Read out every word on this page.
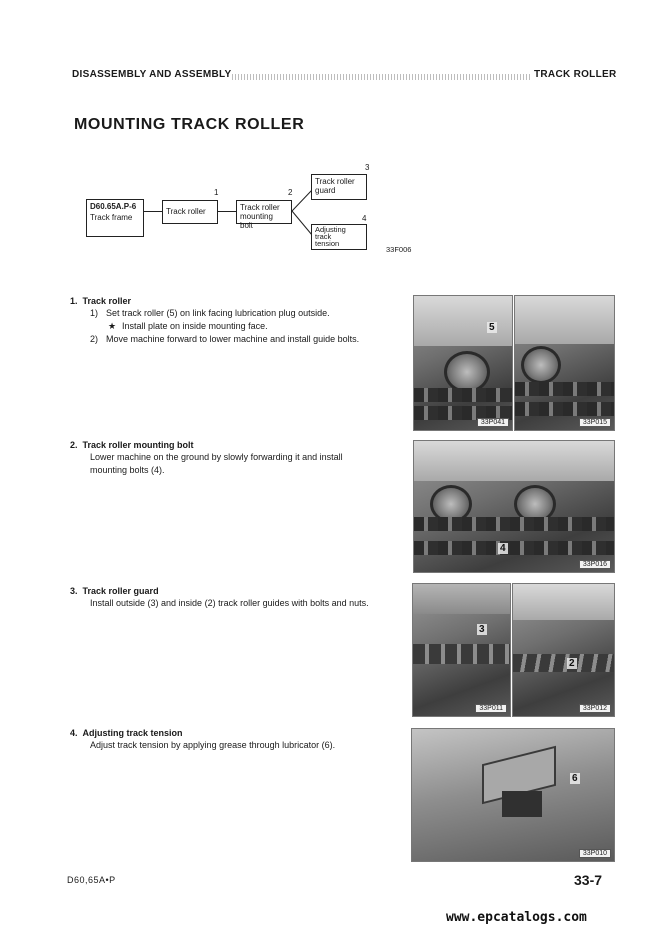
DISASSEMBLY AND ASSEMBLY	TRACK ROLLER
MOUNTING TRACK ROLLER
D60.65A.P-6
Track frame
1
Track roller
2
Track roller
mounting bolt
3
Track roller
guard
4
Adjusting
track
tension
33F006
1. Track roller
1) Set track roller (5) on link facing lubrication plug outside.
★ Install plate on inside mounting face.
2) Move machine forward to lower machine and install guide bolts.
2. Track roller mounting bolt
Lower machine on the ground by slowly forwarding it and install mounting bolts (4).
3. Track roller guard
Install outside (3) and inside (2) track roller guides with bolts and nuts.
4. Adjusting track tension
Adjust track tension by applying grease through lubricator (6).
5
33P041	33P015
4
33P016
3
33P011
2
33P012
6
33P010
D60,65A•P	33-7
www.epcatalogs.com
